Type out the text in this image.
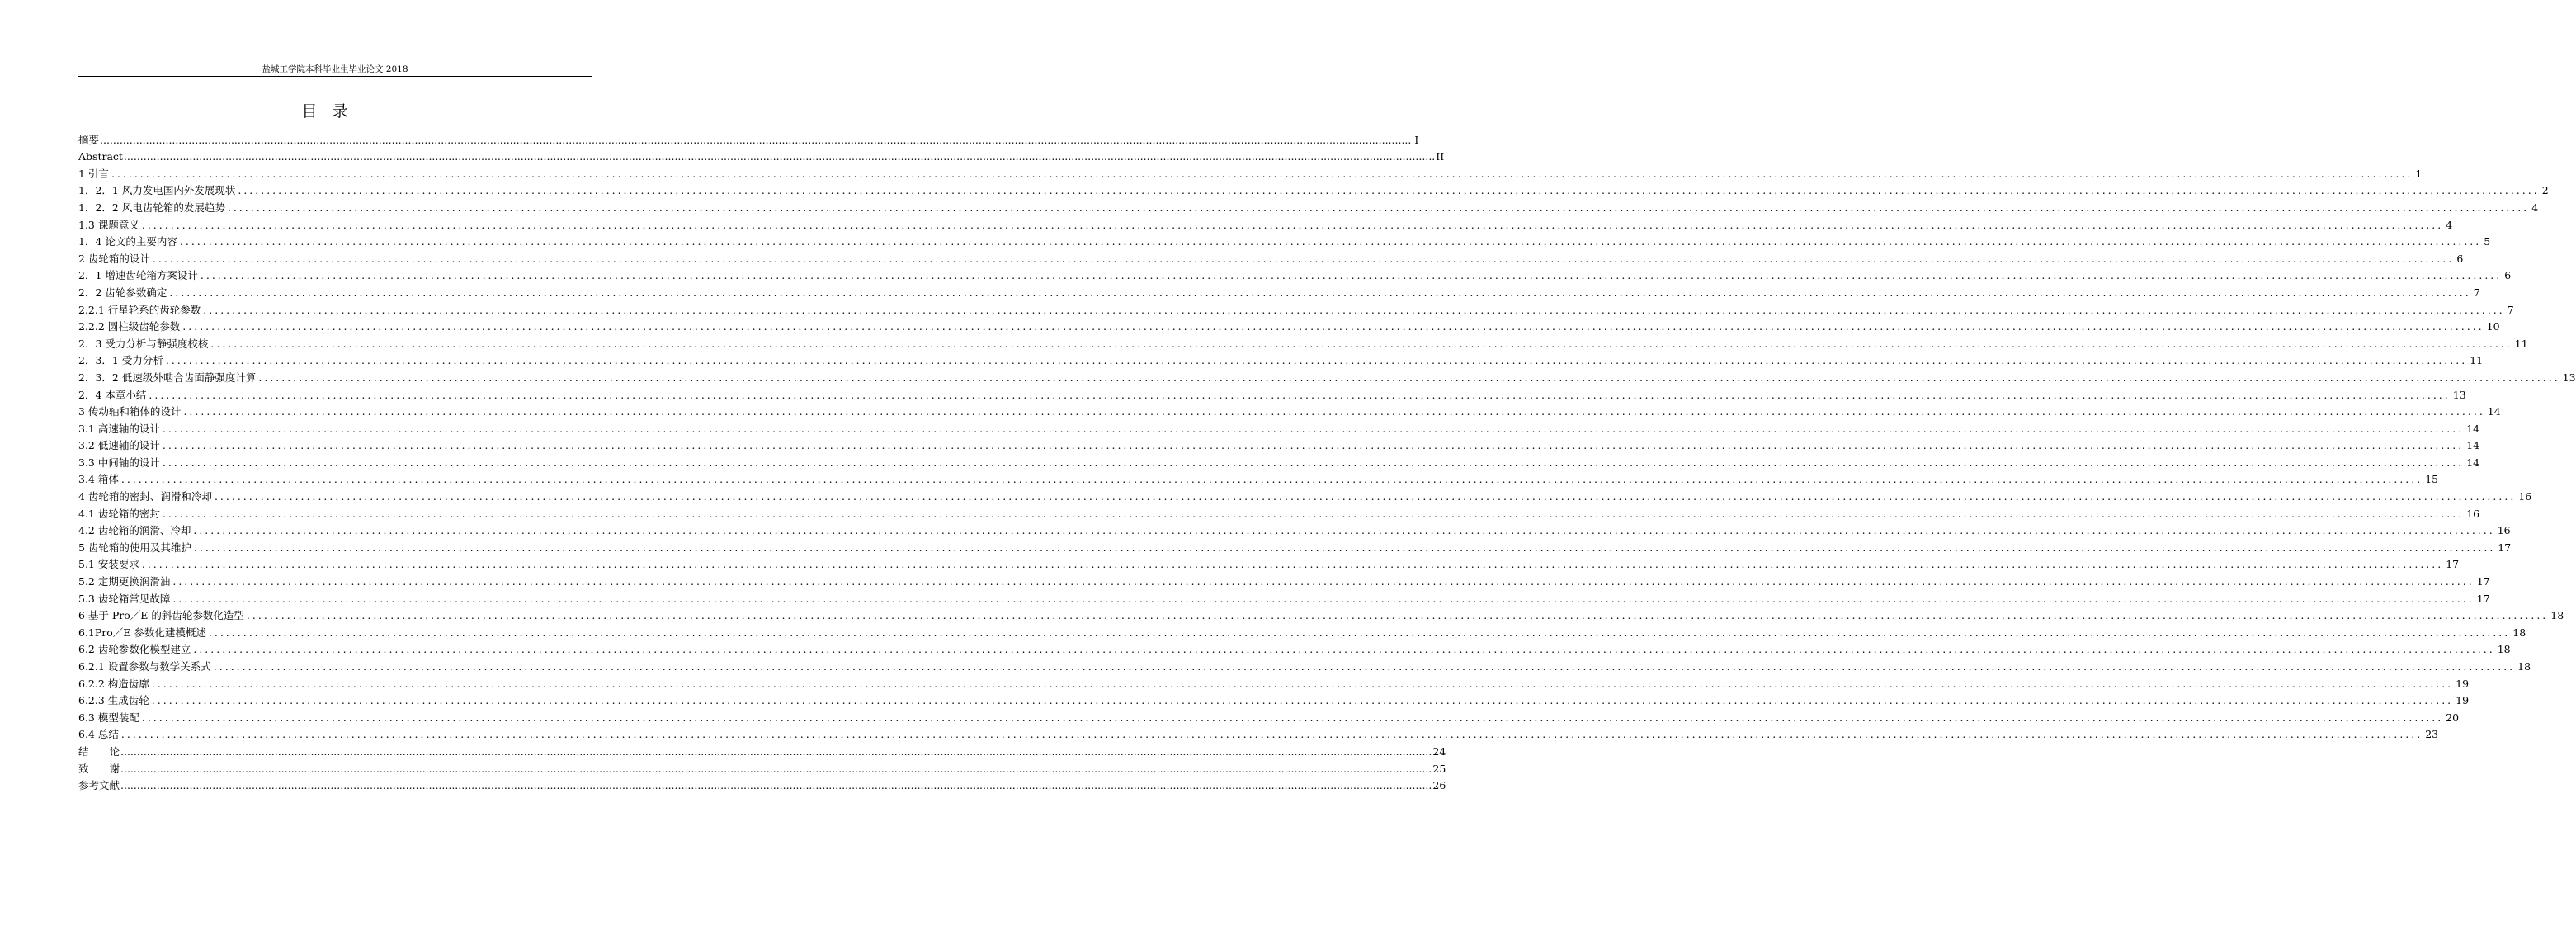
盐城工学院本科毕业生毕业论文 2018
目 录
摘要 ................................................................................................................................................................................................................................................................................................................................................................................................................ I
Abstract ................................................................................................................................................................................................................................................................................................................................................................................................................ II
1 引言 ................................................................................................................................................................................................................................................................................................................................................................................................................ 1
1．2．1 风力发电国内外发展现状 ................................................................................................................................................................................................................................................................................................................................................................................................................ 2
1．2．2 风电齿轮箱的发展趋势 ................................................................................................................................................................................................................................................................................................................................................................................................................ 4
1.3 课题意义 ................................................................................................................................................................................................................................................................................................................................................................................................................ 4
1．4 论文的主要内容 ................................................................................................................................................................................................................................................................................................................................................................................................................ 5
2 齿轮箱的设计 ................................................................................................................................................................................................................................................................................................................................................................................................................ 6
2．1 增速齿轮箱方案设计 ................................................................................................................................................................................................................................................................................................................................................................................................................ 6
2．2 齿轮参数确定 ................................................................................................................................................................................................................................................................................................................................................................................................................ 7
2.2.1 行星轮系的齿轮参数 ................................................................................................................................................................................................................................................................................................................................................................................................................ 7
2.2.2 圆柱级齿轮参数 ................................................................................................................................................................................................................................................................................................................................................................................................................ 10
2．3 受力分析与静强度校核 ................................................................................................................................................................................................................................................................................................................................................................................................................ 11
2．3．1 受力分析 ................................................................................................................................................................................................................................................................................................................................................................................................................ 11
2．3．2 低速级外啮合齿面静强度计算 ................................................................................................................................................................................................................................................................................................................................................................................................................ 13
2．4 本章小结 ................................................................................................................................................................................................................................................................................................................................................................................................................ 13
3 传动轴和箱体的设计 ................................................................................................................................................................................................................................................................................................................................................................................................................ 14
3.1 高速轴的设计 ................................................................................................................................................................................................................................................................................................................................................................................................................ 14
3.2 低速轴的设计 ................................................................................................................................................................................................................................................................................................................................................................................................................ 14
3.3 中间轴的设计 ................................................................................................................................................................................................................................................................................................................................................................................................................ 14
3.4 箱体 ................................................................................................................................................................................................................................................................................................................................................................................................................ 15
4 齿轮箱的密封、润滑和冷却 ................................................................................................................................................................................................................................................................................................................................................................................................................ 16
4.1 齿轮箱的密封 ................................................................................................................................................................................................................................................................................................................................................................................................................ 16
4.2 齿轮箱的润滑、冷却 ................................................................................................................................................................................................................................................................................................................................................................................................................ 16
5 齿轮箱的使用及其维护 ................................................................................................................................................................................................................................................................................................................................................................................................................ 17
5.1 安装要求 ................................................................................................................................................................................................................................................................................................................................................................................................................ 17
5.2 定期更换润滑油 ................................................................................................................................................................................................................................................................................................................................................................................................................ 17
5.3 齿轮箱常见故障 ................................................................................................................................................................................................................................................................................................................................................................................................................ 17
6 基于 Pro／E 的斜齿轮参数化造型 ................................................................................................................................................................................................................................................................................................................................................................................................................ 18
6.1Pro／E 参数化建模概述 ................................................................................................................................................................................................................................................................................................................................................................................................................ 18
6.2 齿轮参数化模型建立 ................................................................................................................................................................................................................................................................................................................................................................................................................ 18
6.2.1 设置参数与数学关系式 ................................................................................................................................................................................................................................................................................................................................................................................................................ 18
6.2.2 构造齿廓 ................................................................................................................................................................................................................................................................................................................................................................................................................ 19
6.2.3 生成齿轮 ................................................................................................................................................................................................................................................................................................................................................................................................................ 19
6.3 模型装配 ................................................................................................................................................................................................................................................................................................................................................................................................................ 20
6.4 总结 ................................................................................................................................................................................................................................................................................................................................................................................................................ 23
结　　论 ................................................................................................................................................................................................................................................................................................................................................................................................................ 24
致　　谢 ................................................................................................................................................................................................................................................................................................................................................................................................................ 25
参考文献 ................................................................................................................................................................................................................................................................................................................................................................................................................ 26
